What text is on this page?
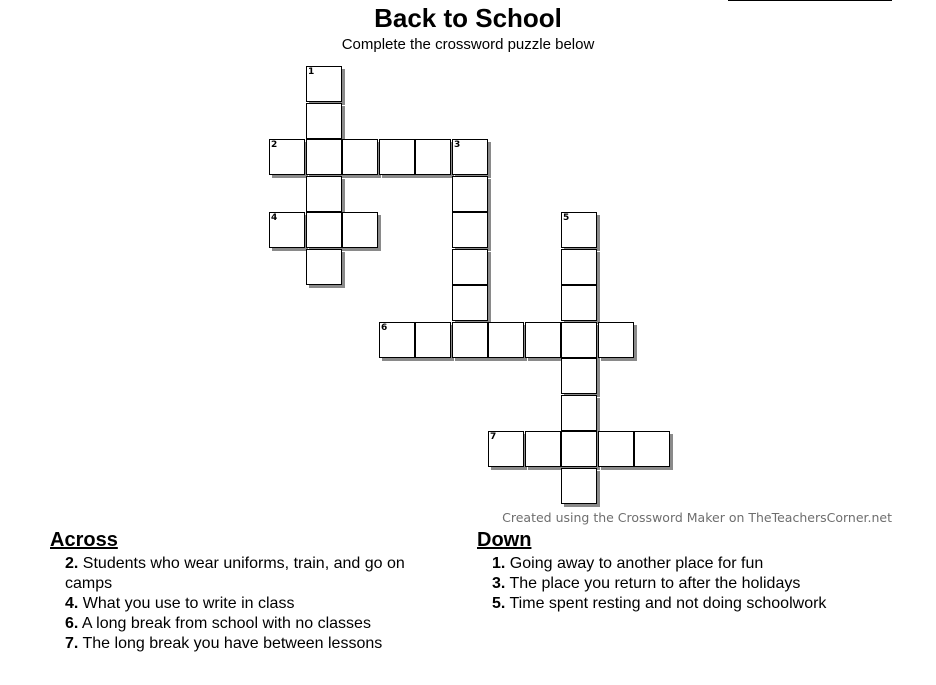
Back to School
Complete the crossword puzzle below
1
2	3
4	5
6
7
Created using the Crossword Maker on TheTeachersCorner.net
Across
2. Students who wear uniforms, train, and go on camps
4. What you use to write in class
6. A long break from school with no classes
7. The long break you have between lessons
Down
1. Going away to another place for fun
3. The place you return to after the holidays
5. Time spent resting and not doing schoolwork
